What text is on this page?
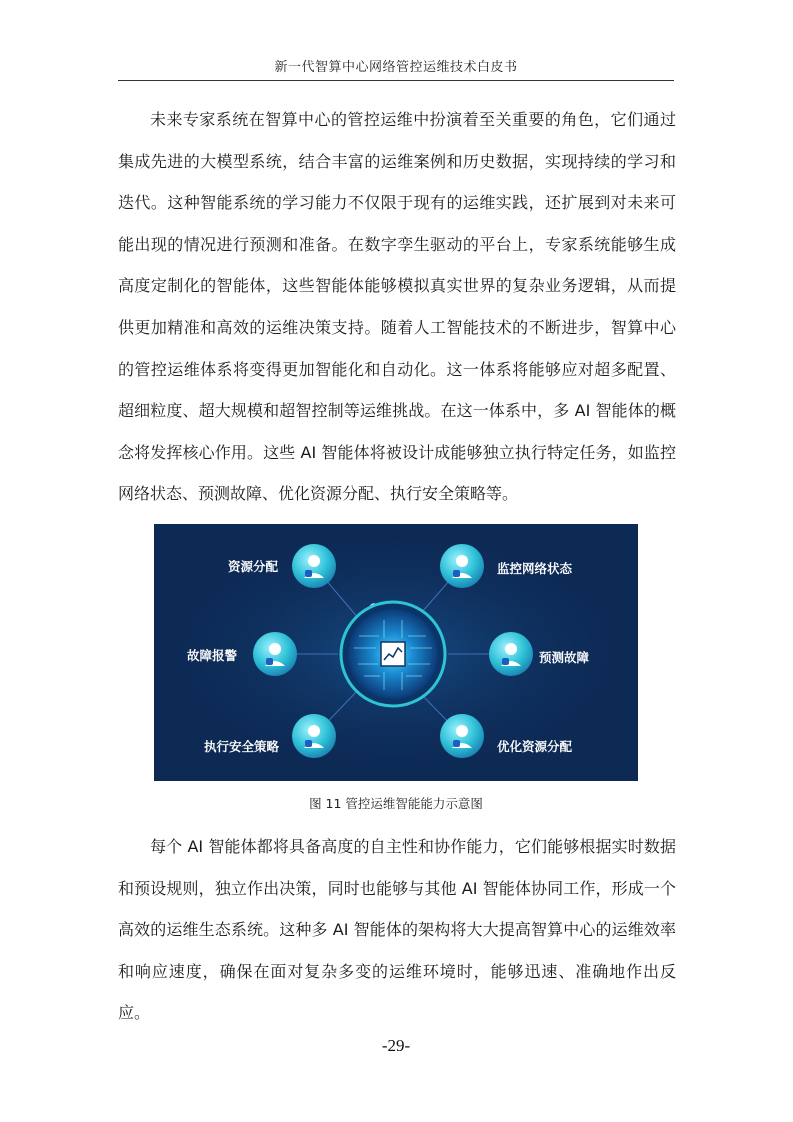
新一代智算中心网络管控运维技术白皮书

未来专家系统在智算中心的管控运维中扮演着至关重要的角色，它们通过集成先进的大模型系统，结合丰富的运维案例和历史数据，实现持续的学习和迭代。这种智能系统的学习能力不仅限于现有的运维实践，还扩展到对未来可能出现的情况进行预测和准备。在数字孪生驱动的平台上，专家系统能够生成高度定制化的智能体，这些智能体能够模拟真实世界的复杂业务逻辑，从而提供更加精准和高效的运维决策支持。随着人工智能技术的不断进步，智算中心的管控运维体系将变得更加智能化和自动化。这一体系将能够应对超多配置、超细粒度、超大规模和超智控制等运维挑战。在这一体系中，多 AI 智能体的概念将发挥核心作用。这些 AI 智能体将被设计成能够独立执行特定任务，如监控网络状态、预测故障、优化资源分配、执行安全策略等。

资源分配	监控网络状态
故障报警	预测故障
执行安全策略	优化资源分配
图 11 管控运维智能能力示意图

每个 AI 智能体都将具备高度的自主性和协作能力，它们能够根据实时数据和预设规则，独立作出决策，同时也能够与其他 AI 智能体协同工作，形成一个高效的运维生态系统。这种多 AI 智能体的架构将大大提高智算中心的运维效率和响应速度，确保在面对复杂多变的运维环境时，能够迅速、准确地作出反应。

-29-
